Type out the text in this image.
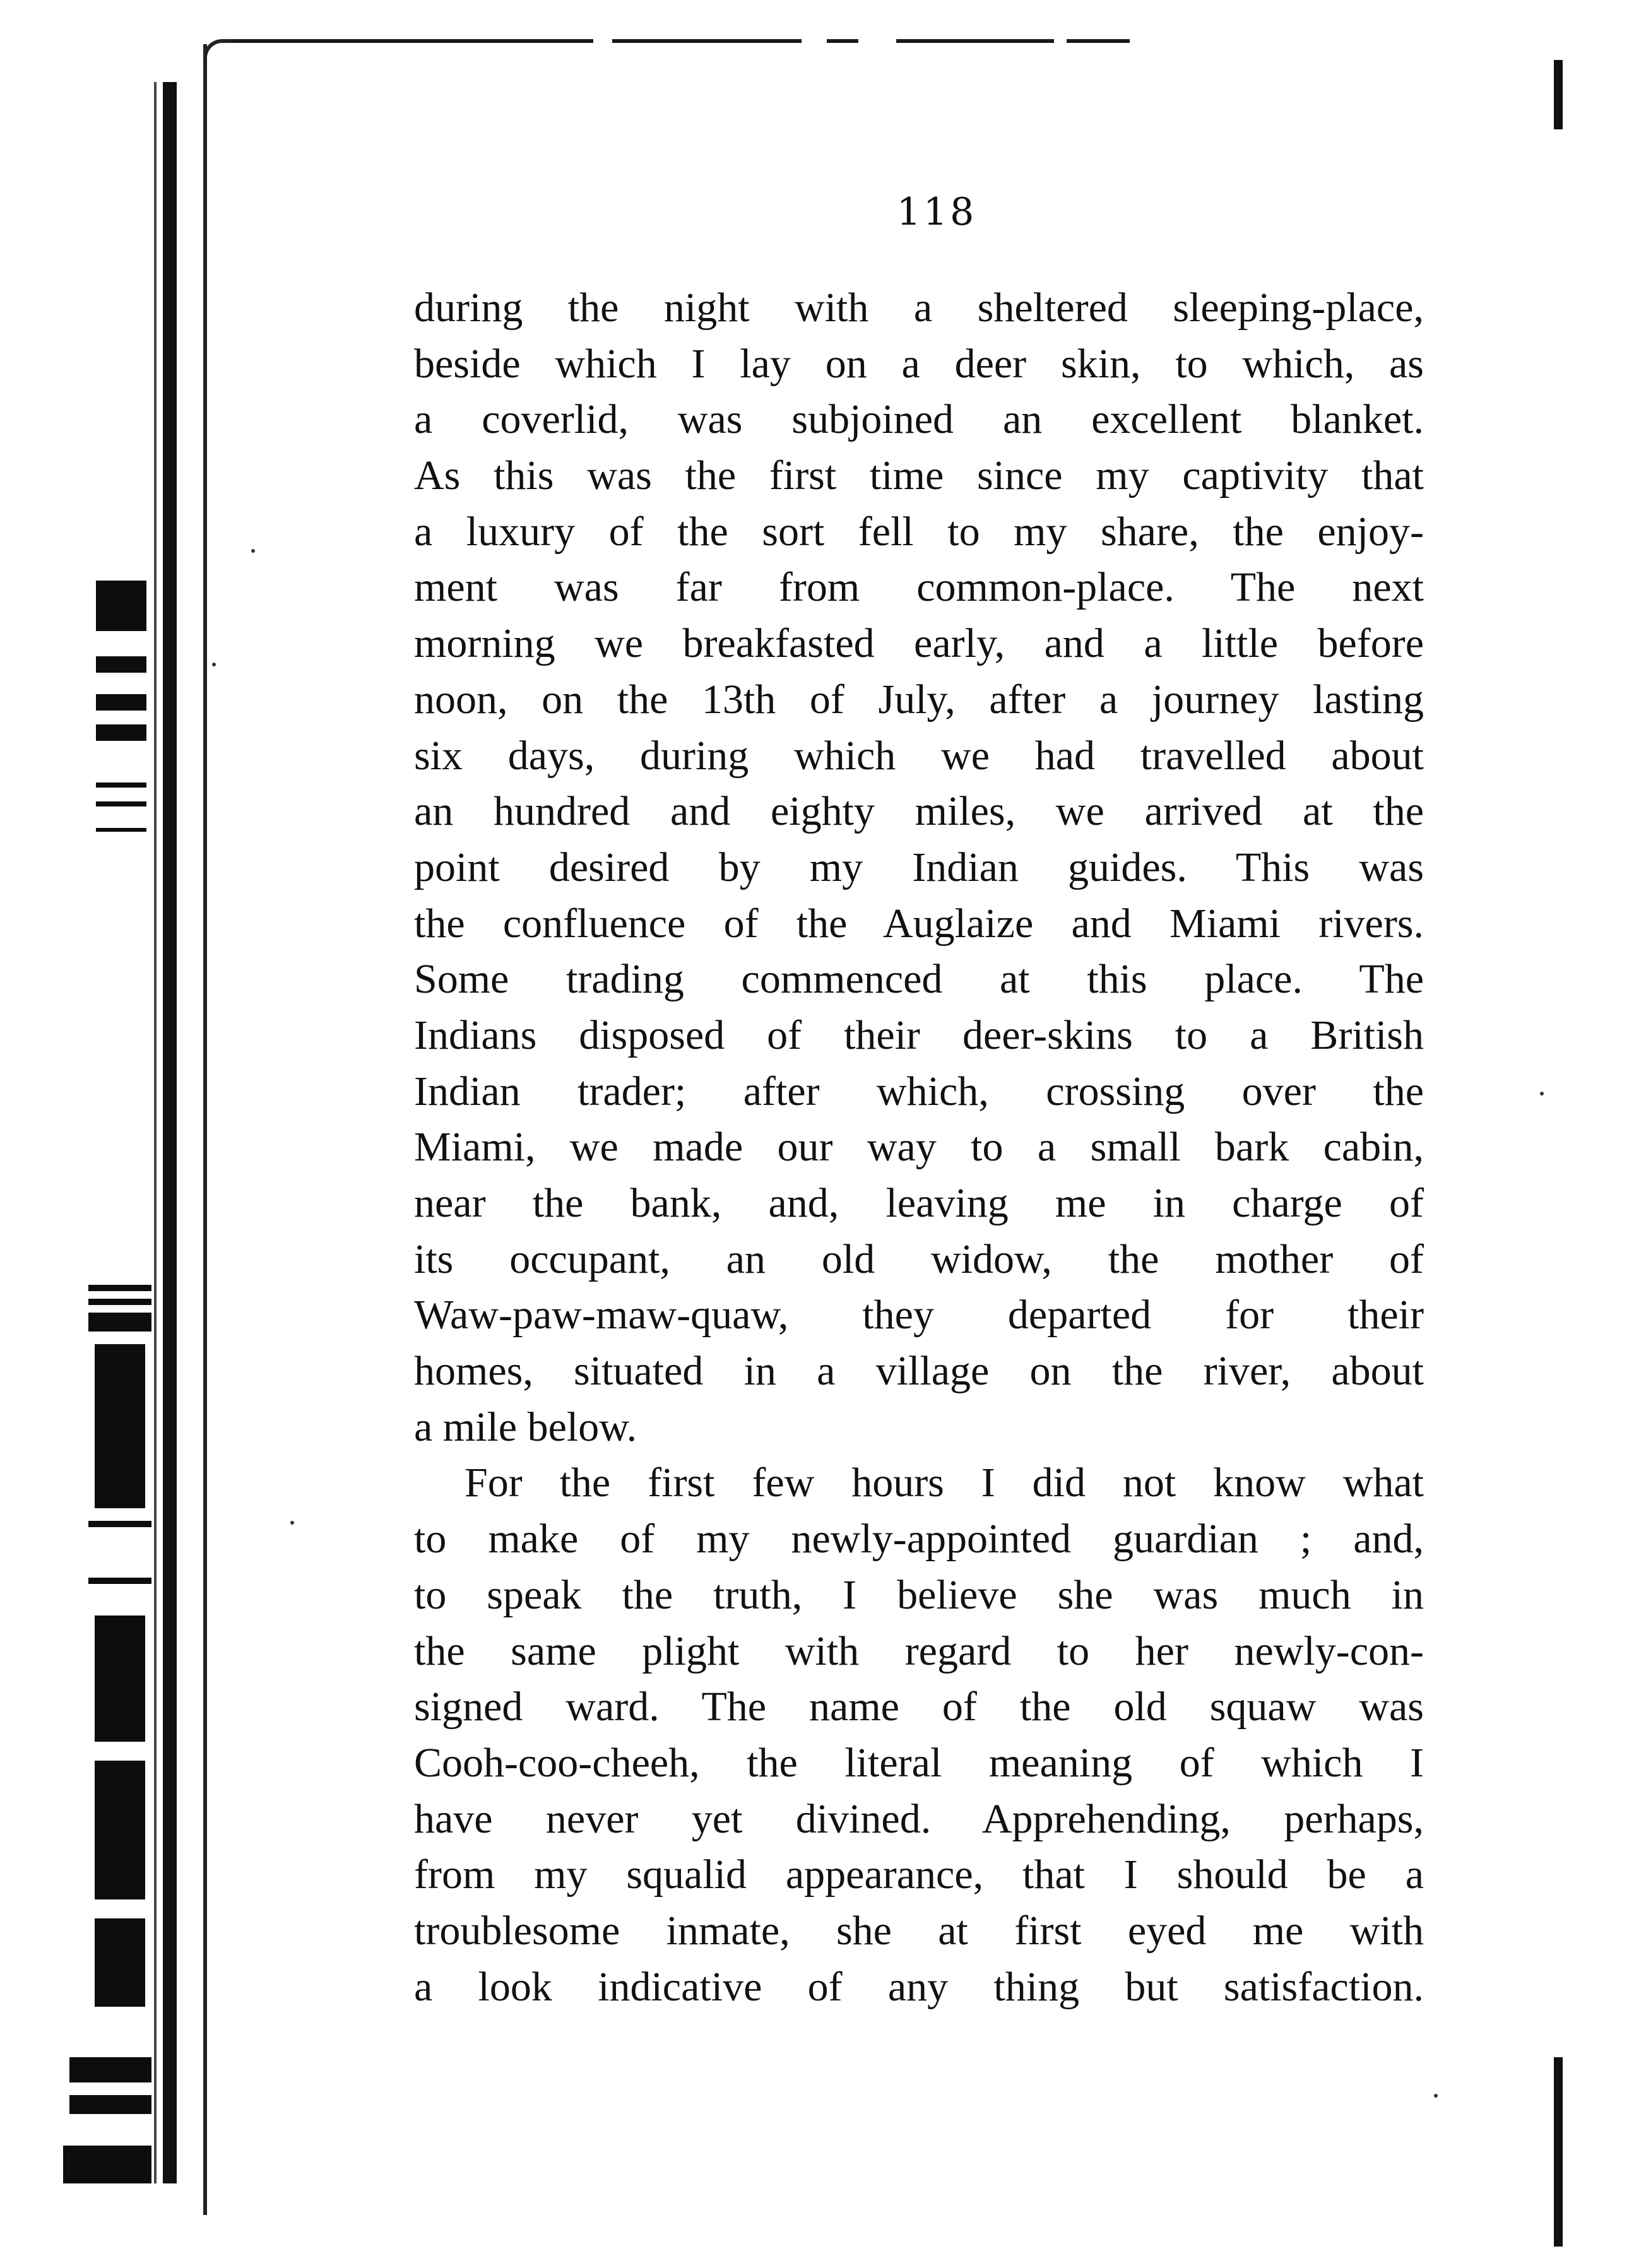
118
during the night with a sheltered sleeping-place,
beside which I lay on a deer skin, to which, as
a coverlid, was subjoined an excellent blanket.
As this was the first time since my captivity that
a luxury of the sort fell to my share, the enjoy-
ment was far from common-place. The next
morning we breakfasted early, and a little before
noon, on the 13th of July, after a journey lasting
six days, during which we had travelled about
an hundred and eighty miles, we arrived at the
point desired by my Indian guides. This was
the confluence of the Auglaize and Miami rivers.
Some trading commenced at this place. The
Indians disposed of their deer-skins to a British
Indian trader; after which, crossing over the
Miami, we made our way to a small bark cabin,
near the bank, and, leaving me in charge of
its occupant, an old widow, the mother of
Waw-paw-maw-quaw, they departed for their
homes, situated in a village on the river, about
a mile below.
For the first few hours I did not know what
to make of my newly-appointed guardian ; and,
to speak the truth, I believe she was much in
the same plight with regard to her newly-con-
signed ward. The name of the old squaw was
Cooh-coo-cheeh, the literal meaning of which I
have never yet divined. Apprehending, perhaps,
from my squalid appearance, that I should be a
troublesome inmate, she at first eyed me with
a look indicative of any thing but satisfaction.
